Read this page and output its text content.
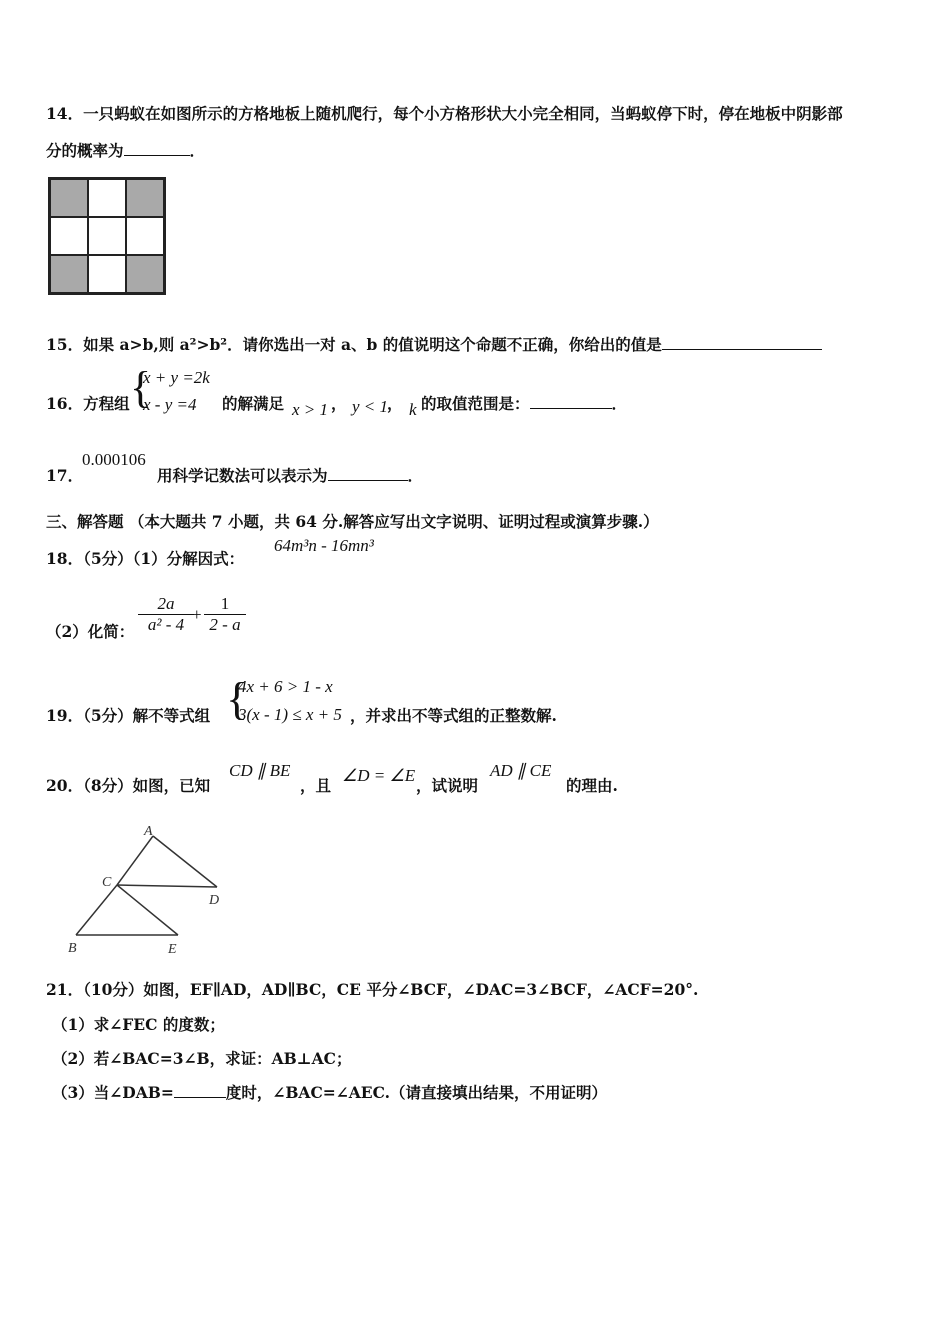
14．一只蚂蚁在如图所示的方格地板上随机爬行，每个小方格形状大小完全相同，当蚂蚁停下时，停在地板中阴影部
分的概率为	．
15．如果 a>b,则 a²>b²．请你选出一对 a、b 的值说明这个命题不正确，你给出的值是
16．方程组 {
x + y =2k
x - y =4 的解满足 x > 1 ， y < 1
， k 的取值范围是：	．
17．
0.000106
用科学记数法可以表示为	．
三、解答题 （本大题共 7 小题，共 64 分.解答应写出文字说明、证明过程或演算步骤.）
18．（5分）（1）分解因式：
64m³n - 16mn³
（2）化简： $\frac{2a}{\text{a² - 4}}$
+ $\frac{1}{2 - a}$
19．（5分）解不等式组 {
4x + 6 > 1 - x
3(x - 1) ≤ x + 5 ，并求出不等式组的正整数解.
20．（8分）如图，已知
CD ∥ BE
，且
∠D = ∠E
，试说明
AD ∥ CE
的理由.
A
C
D
B	E
21．（10分）如图，EF∥AD，AD∥BC，CE 平分∠BCF，∠DAC=3∠BCF，∠ACF=20°.
（1）求∠FEC 的度数；
（2）若∠BAC=3∠B，求证：AB⊥AC；
（3）当∠DAB=	度时，∠BAC=∠AEC.（请直接填出结果，不用证明）
